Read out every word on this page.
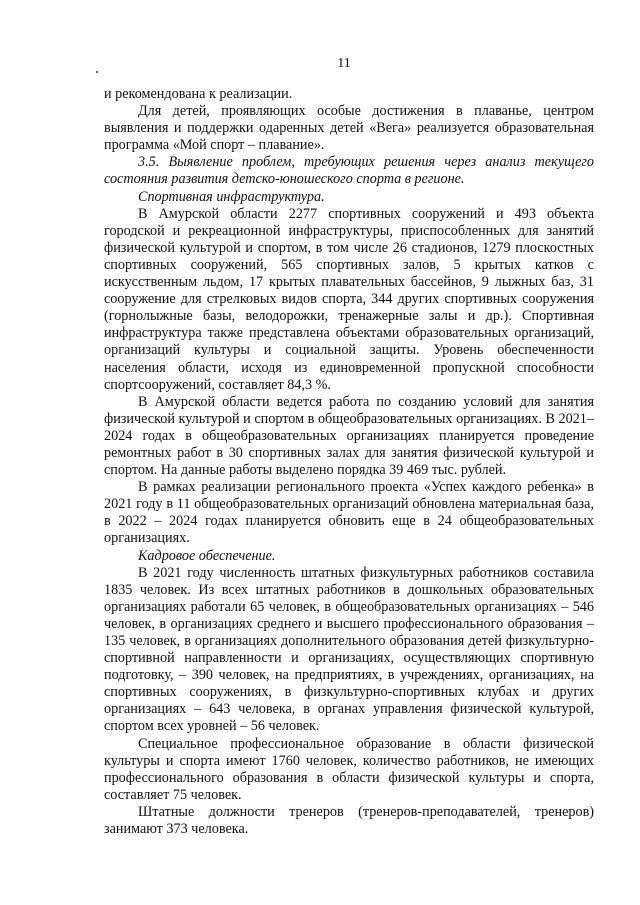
11

и рекомендована к реализации.

Для детей, проявляющих особые достижения в плаванье, центром выявления и поддержки одаренных детей «Вега» реализуется образовательная программа «Мой спорт – плавание».

3.5. Выявление проблем, требующих решения через анализ текущего состояния развития детско-юношеского спорта в регионе.

Спортивная инфраструктура.

В Амурской области 2277 спортивных сооружений и 493 объекта городской и рекреационной инфраструктуры, приспособленных для занятий физической культурой и спортом, в том числе 26 стадионов, 1279 плоскостных спортивных сооружений, 565 спортивных залов, 5 крытых катков с искусственным льдом, 17 крытых плавательных бассейнов, 9 лыжных баз, 31 сооружение для стрелковых видов спорта, 344 других спортивных сооружения (горнолыжные базы, велодорожки, тренажерные залы и др.). Спортивная инфраструктура также представлена объектами образовательных организаций, организаций культуры и социальной защиты. Уровень обеспеченности населения области, исходя из единовременной пропускной способности спортсооружений, составляет 84,3 %.

В Амурской области ведется работа по созданию условий для занятия физической культурой и спортом в общеобразовательных организациях. В 2021–2024 годах в общеобразовательных организациях планируется проведение ремонтных работ в 30 спортивных залах для занятия физической культурой и спортом. На данные работы выделено порядка 39 469 тыс. рублей.

В рамках реализации регионального проекта «Успех каждого ребенка» в 2021 году в 11 общеобразовательных организаций обновлена материальная база, в 2022 – 2024 годах планируется обновить еще в 24 общеобразовательных организациях.

Кадровое обеспечение.

В 2021 году численность штатных физкультурных работников составила 1835 человек. Из всех штатных работников в дошкольных образовательных организациях работали 65 человек, в общеобразовательных организациях – 546 человек, в организациях среднего и высшего профессионального образования – 135 человек, в организациях дополнительного образования детей физкультурно-спортивной направленности и организациях, осуществляющих спортивную подготовку, – 390 человек, на предприятиях, в учреждениях, организациях, на спортивных сооружениях, в физкультурно-спортивных клубах и других организациях – 643 человека, в органах управления физической культурой, спортом всех уровней – 56 человек.

Специальное профессиональное образование в области физической культуры и спорта имеют 1760 человек, количество работников, не имеющих профессионального образования в области физической культуры и спорта, составляет 75 человек.

Штатные должности тренеров (тренеров-преподавателей, тренеров) занимают 373 человека.
